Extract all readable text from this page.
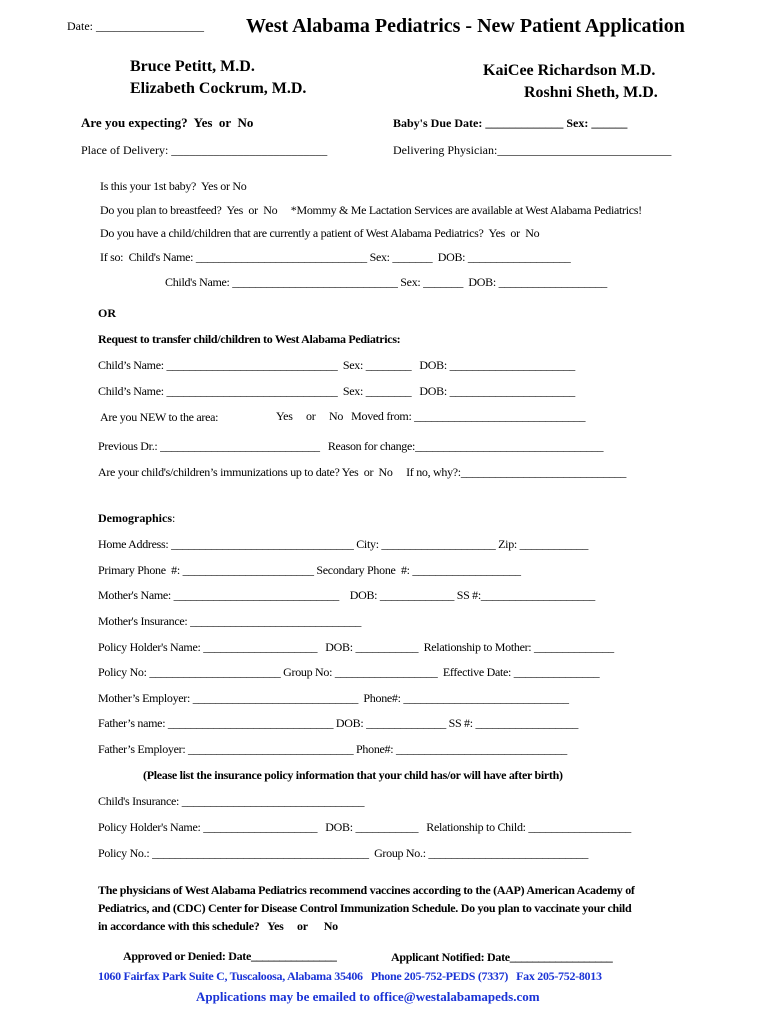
Date: __________________ West Alabama Pediatrics - New Patient Application
Bruce Petitt, M.D.
Elizabeth Cockrum, M.D.
KaiCee Richardson M.D.
Roshni Sheth, M.D.
Are you expecting?  Yes  or  No	Baby's Due Date: _____________ Sex: ______
Place of Delivery: __________________________	Delivering Physician:_____________________________
Is this your 1st baby?  Yes or No
Do you plan to breastfeed?  Yes  or  No     *Mommy & Me Lactation Services are available at West Alabama Pediatrics!
Do you have a child/children that are currently a patient of West Alabama Pediatrics?  Yes  or  No
If so:  Child's Name: ______________________________ Sex: _______  DOB: __________________
Child's Name: _____________________________ Sex: _______  DOB: ___________________
OR
Request to transfer child/children to West Alabama Pediatrics:
Child’s Name: ______________________________  Sex: ________   DOB: ______________________
Child’s Name: ______________________________  Sex: ________   DOB: ______________________
Are you NEW to the area:	Yes     or     No   Moved from: ______________________________
Previous Dr.: ____________________________   Reason for change:_________________________________
Are your child's/children’s immunizations up to date? Yes  or  No     If no, why?:_____________________________
Demographics:
Home Address: ________________________________ City: ____________________ Zip: ____________
Primary Phone  #: _______________________ Secondary Phone  #: ___________________
Mother's Name: _____________________________    DOB: _____________ SS #:____________________
Mother's Insurance: ______________________________
Policy Holder's Name: ____________________   DOB: ___________  Relationship to Mother: ______________
Policy No: _______________________ Group No: __________________  Effective Date: _______________
Mother’s Employer: _____________________________  Phone#: _____________________________
Father’s name: _____________________________ DOB: ______________ SS #: __________________
Father’s Employer: _____________________________ Phone#: ______________________________
(Please list the insurance policy information that your child has/or will have after birth)
Child's Insurance: ________________________________
Policy Holder's Name: ____________________   DOB: ___________   Relationship to Child: __________________
Policy No.: ______________________________________  Group No.: ____________________________
The physicians of West Alabama Pediatrics recommend vaccines according to the (AAP) American Academy of
Pediatrics, and (CDC) Center for Disease Control Immunization Schedule. Do you plan to vaccinate your child
in accordance with this schedule?   Yes     or      No
Approved or Denied: Date_______________	Applicant Notified: Date__________________
1060 Fairfax Park Suite C, Tuscaloosa, Alabama 35406   Phone 205-752-PEDS (7337)   Fax 205-752-8013
Applications may be emailed to office@westalabamapeds.com
